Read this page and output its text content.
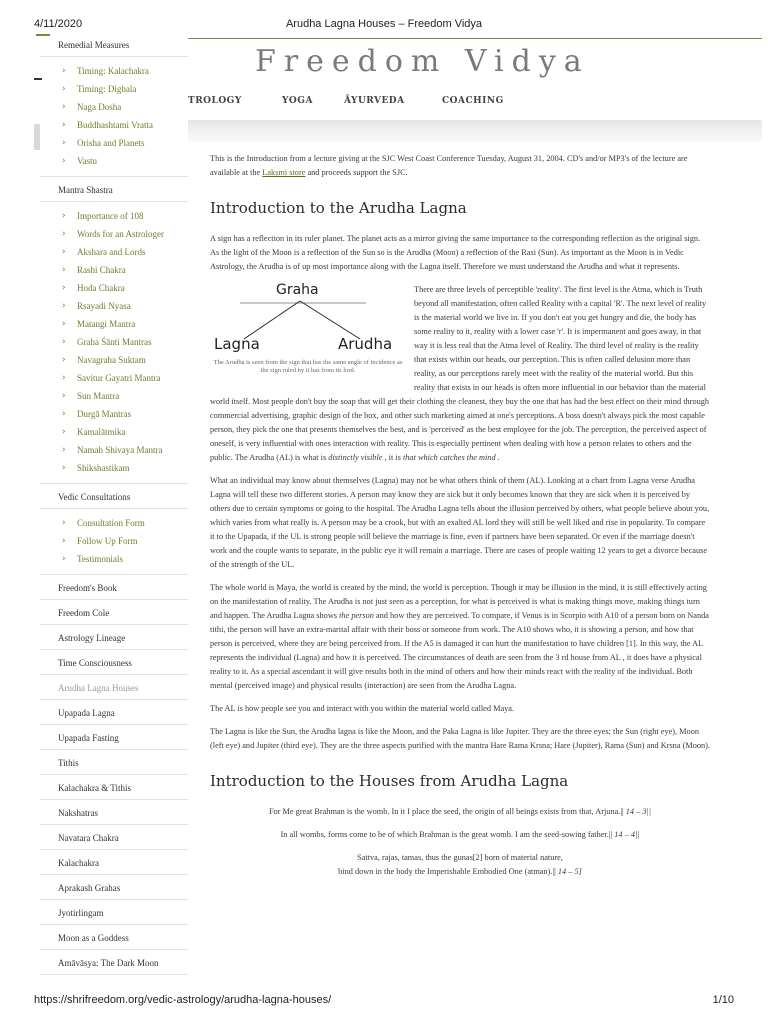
4/11/2020	Arudha Lagna Houses – Freedom Vidya
Remedial Measures
› Timing: Kalachakra
› Timing: Digbala
› Naga Dosha
› Buddhashtami Vratta
› Orisha and Planets
› Vastu
Mantra Shastra
› Importance of 108
› Words for an Astrologer
› Akshara and Lords
› Rashi Chakra
› Hoda Chakra
› Rsayadi Nyasa
› Matangi Mantra
› Graha Śānti Mantras
› Navagraha Suktam
› Savitur Gayatri Mantra
› Sun Mantra
› Durgā Mantras
› Kamalātmika
› Namah Shivaya Mantra
› Shikshastikam
Vedic Consultations
› Consultation Form
› Follow Up Form
› Testimonials
Freedom's Book
Freedom Cole
Astrology Lineage
Time Consciousness
Arudha Lagna Houses
Upapada Lagna
Upapada Fasting
Tithis
Kalachakra & Tithis
Nakshatras
Navatara Chakra
Kalachakra
Aprakash Grahas
Jyotirlingam
Moon as a Goddess
Amāvāsya: The Dark Moon
Freedom Vidya
TROLOGY	YOGA	ĀYURVEDA	COACHING

This is the Introduction from a lecture giving at the SJC West Coast Conference Tuesday, August 31, 2004. CD's and/or MP3's of the lecture are available at the Lakṣmi store and proceeds support the SJC.

Introduction to the Arudha Lagna

A sign has a reflection in its ruler planet. The planet acts as a mirror giving the same importance to the corresponding reflection as the original sign. As the light of the Moon is a reflection of the Sun so is the Arudha (Moon) a reflection of the Rasi (Sun). As important as the Moon is in Vedic Astrology, the Arudha is of up most importance along with the Lagna itself. Therefore we must understand the Arudha and what it represents.

Graha
Lagna	Arudha
The Arudha is seen from the sign that has the same angle of incidence as the sign ruled by it has from its lord.

There are three levels of perceptible 'reality'. The first level is the Atma, which is Truth beyond all manifestation, often called Reality with a capital 'R'. The next level of reality is the material world we live in. If you don't eat you get hungry and die, the body has some reality to it, reality with a lower case 'r'. It is impermanent and goes away, in that way it is less real that the Atma level of Reality. The third level of reality is the reality that exists within our heads, our perception. This is often called delusion more than reality, as our perceptions rarely meet with the reality of the material world. But this reality that exists in our heads is often more influential in our behavior than the material world itself. Most people don't buy the soap that will get their clothing the cleanest, they buy the one that has had the best effect on their mind through commercial advertising, graphic design of the box, and other such marketing aimed at one's perceptions. A boss doesn't always pick the most capable person, they pick the one that presents themselves the best, and is 'perceived' as the best employee for the job. The perception, the perceived aspect of oneself, is very influential with ones interaction with reality. This is especially pertinent when dealing with how a person relates to others and the public. The Arudha (AL) is what is distinctly visible , it is that which catches the mind .

What an individual may know about themselves (Lagna) may not be what others think of them (AL). Looking at a chart from Lagna verse Arudha Lagna will tell these two different stories. A person may know they are sick but it only becomes known that they are sick when it is perceived by others due to certain symptoms or going to the hospital. The Arudha Lagna tells about the illusion perceived by others, what people believe about you, which varies from what really is. A person may be a crook, but with an exalted AL lord they will still be well liked and rise in popularity. To compare it to the Upapada, if the UL is strong people will believe the marriage is fine, even if partners have been separated. Or even if the marriage doesn't work and the couple wants to separate, in the public eye it will remain a marriage. There are cases of people waiting 12 years to get a divorce because of the strength of the UL.

The whole world is Maya, the world is created by the mind, the world is perception. Though it may be illusion in the mind, it is still effectively acting on the manifestation of reality. The Arudha is not just seen as a perception, for what is perceived is what is making things move, making things turn and happen. The Arudha Lagna shows the person and how they are perceived. To compare, if Venus is in Scorpio with A10 of a person born on Nanda tithi, the person will have an extra-marital affair with their boss or someone from work. The A10 shows who, it is showing a person, and how that person is perceived, where they are being perceived from. If the A5 is damaged it can hurt the manifestation to have children [1]. In this way, the AL represents the individual (Lagna) and how it is perceived. The circumstances of death are seen from the 3 rd house from AL , it does have a physical reality to it. As a special ascendant it will give results both in the mind of others and how their minds react with the reality of the individual. Both mental (perceived image) and physical results (interaction) are seen from the Arudha Lagna.

The AL is how people see you and interact with you within the material world called Maya.

The Lagna is like the Sun, the Arudha lagna is like the Moon, and the Paka Lagna is like Jupiter. They are the three eyes; the Sun (right eye), Moon (left eye) and Jupiter (third eye). They are the three aspects purified with the mantra Hare Rama Krsna; Hare (Jupiter), Rama (Sun) and Krsna (Moon).

Introduction to the Houses from Arudha Lagna

For Me great Brahman is the womb. In it I place the seed, the origin of all beings exists from that, Arjuna.|| 14 – 3||

In all wombs, forms come to be of which Brahman is the great womb. I am the seed-sowing father.|| 14 – 4||

Sattva, rajas, tamas, thus the gunas[2] born of material nature,
bind down in the body the Imperishable Embodied One (atman).|| 14 – 5]

https://shrifreedom.org/vedic-astrology/arudha-lagna-houses/	1/10
